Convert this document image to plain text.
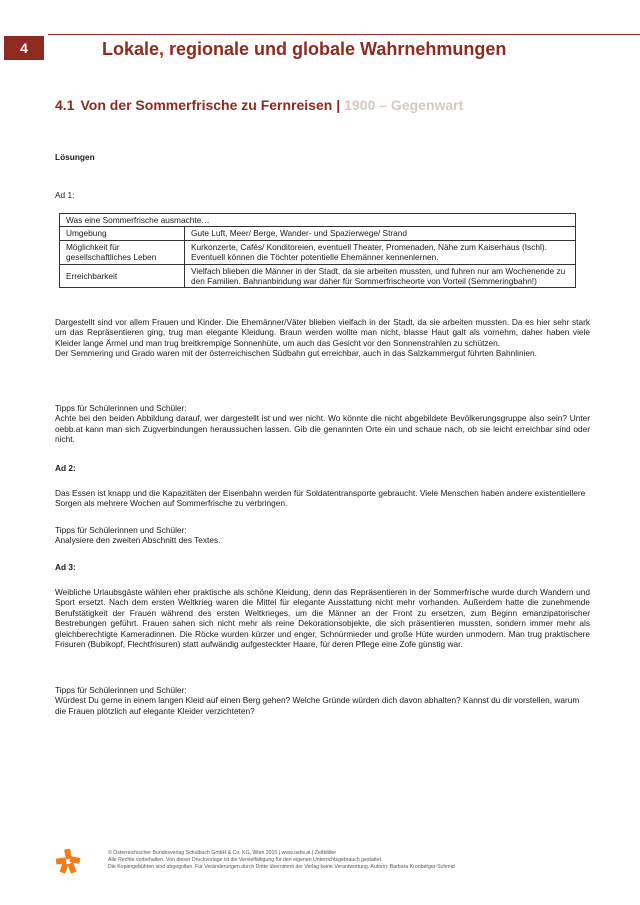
4	Lokale, regionale und globale Wahrnehmungen
4.1 Von der Sommerfrische zu Fernreisen | 1900 – Gegenwart
Lösungen
Ad 1:
Was eine Sommerfrische ausmachte…	
Umgebung	Gute Luft, Meer/ Berge, Wander- und Spazierwege/ Strand
Möglichkeit für gesellschaftliches Leben	Kurkonzerte, Cafés/ Konditoreien, eventuell Theater, Promenaden, Nähe zum Kaiserhaus (Ischl). Eventuell können die Töchter potentielle Ehemänner kennenlernen.
Erreichbarkeit	Vielfach blieben die Männer in der Stadt, da sie arbeiten mussten, und fuhren nur am Wochenende zu den Familien. Bahnanbindung war daher für Sommerfrischeorte von Vorteil (Semmeringbahn!)

Dargestellt sind vor allem Frauen und Kinder. Die Ehemänner/Väter blieben vielfach in der Stadt, da sie arbeiten mussten. Da es hier sehr stark um das Repräsentieren ging, trug man elegante Kleidung. Braun werden wollte man nicht, blasse Haut galt als vornehm, daher haben viele Kleider lange Ärmel und man trug breitkrempige Sonnenhüte, um auch das Gesicht vor den Sonnenstrahlen zu schützen.

Der Semmering und Grado waren mit der österreichischen Südbahn gut erreichbar, auch in das Salzkammergut führten Bahnlinien.

Tipps für Schülerinnen und Schüler:

Achte bei den beiden Abbildung darauf, wer dargestellt ist und wer nicht. Wo könnte die nicht abgebildete Bevölkerungsgruppe also sein? Unter oebb.at kann man sich Zugverbindungen heraussuchen lassen. Gib die genannten Orte ein und schaue nach, ob sie leicht erreichbar sind oder nicht.

Ad 2:
Das Essen ist knapp und die Kapazitäten der Eisenbahn werden für Soldatentransporte gebraucht. Viele Menschen haben andere existentiellere Sorgen als mehrere Wochen auf Sommerfrische zu verbringen.

Tipps für Schülerinnen und Schüler:

Analysiere den zweiten Abschnitt des Textes.

Ad 3:
Weibliche Urlaubsgäste wählen eher praktische als schöne Kleidung, denn das Repräsentieren in der Sommerfrische wurde durch Wandern und Sport ersetzt. Nach dem ersten Weltkrieg waren die Mittel für elegante Ausstattung nicht mehr vorhanden. Außerdem hatte die zunehmende Berufstätigkeit der Frauen während des ersten Weltkrieges, um die Männer an der Front zu ersetzen, zum Beginn emanzipatorischer Bestrebungen geführt. Frauen sahen sich nicht mehr als reine Dekorationsobjekte, die sich präsentieren mussten, sondern immer mehr als gleichberechtigte Kameradinnen. Die Röcke wurden kürzer und enger, Schnürmieder und große Hüte wurden unmodern. Man trug praktischere Frisuren (Bubikopf, Flechtfrisuren) statt aufwändig aufgesteckter Haare, für deren Pflege eine Zofe günstig war.

Tipps für Schülerinnen und Schüler:

Würdest Du gerne in einem langen Kleid auf einen Berg gehen? Welche Gründe würden dich davon abhalten? Kannst du dir vorstellen, warum die Frauen plötzlich auf elegante Kleider verzichteten?

© Österreichischer Bundesverlag Schulbuch GmbH & Co. KG, Wien 2015 | www.oebv.at | Zeitbilder
Alle Rechte vorbehalten. Von dieser Druckvorlage ist die Vervielfältigung für den eigenen Unterrichtsgebrauch gestattet.
Die Kopiergebühren sind abgegolten. Für Veränderungen durch Dritte übernimmt der Verlag keine Verantwortung. Autorin: Barbara Kronberger-Schmid
